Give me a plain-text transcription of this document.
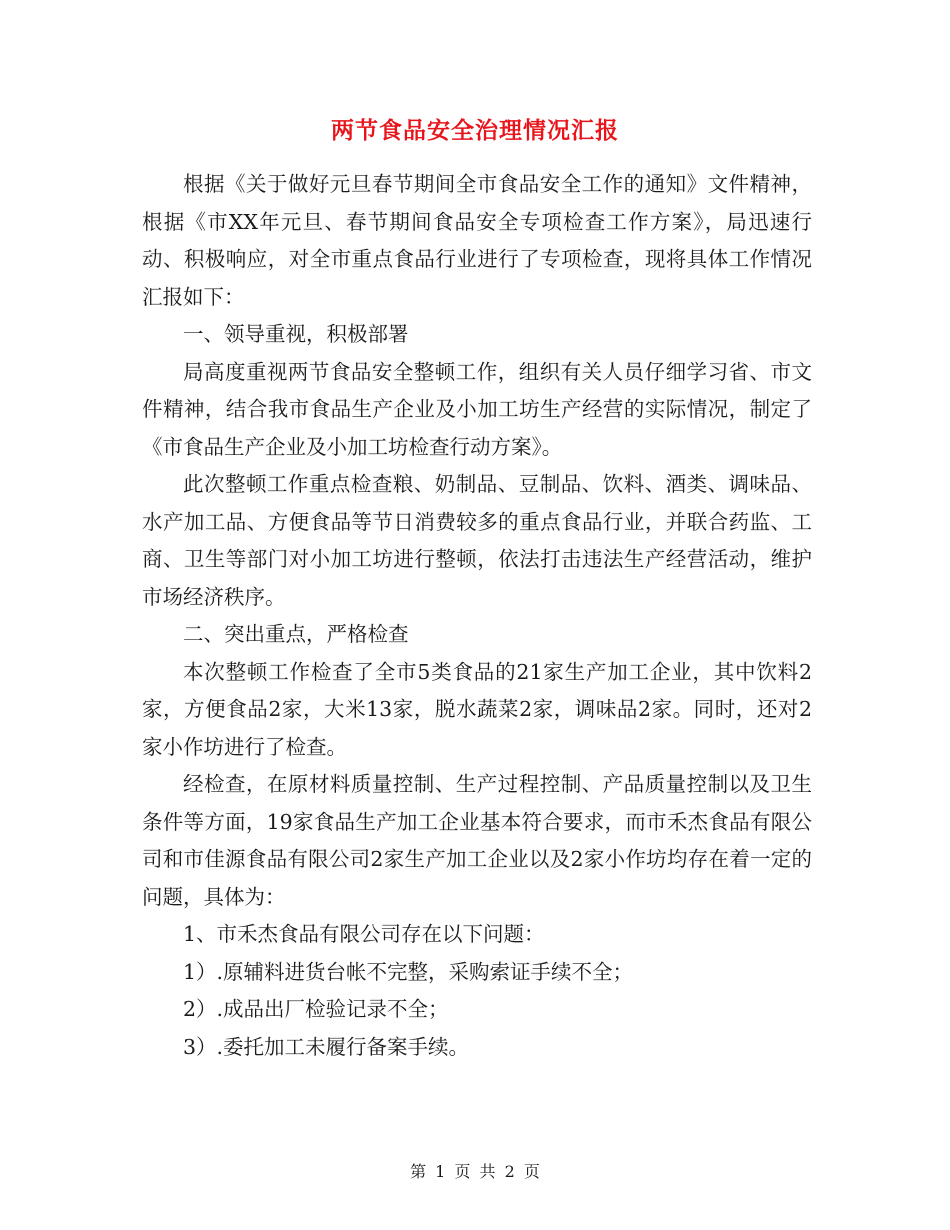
两节食品安全治理情况汇报

根据《关于做好元旦春节期间全市食品安全工作的通知》文件精神，根据《市XX年元旦、春节期间食品安全专项检查工作方案》，局迅速行动、积极响应，对全市重点食品行业进行了专项检查，现将具体工作情况汇报如下：

一、领导重视，积极部署

局高度重视两节食品安全整顿工作，组织有关人员仔细学习省、市文件精神，结合我市食品生产企业及小加工坊生产经营的实际情况，制定了《市食品生产企业及小加工坊检查行动方案》。

此次整顿工作重点检查粮、奶制品、豆制品、饮料、酒类、调味品、水产加工品、方便食品等节日消费较多的重点食品行业，并联合药监、工商、卫生等部门对小加工坊进行整顿，依法打击违法生产经营活动，维护市场经济秩序。

二、突出重点，严格检查

本次整顿工作检查了全市5类食品的21家生产加工企业，其中饮料2家，方便食品2家，大米13家，脱水蔬菜2家，调味品2家。同时，还对2家小作坊进行了检查。

经检查，在原材料质量控制、生产过程控制、产品质量控制以及卫生条件等方面，19家食品生产加工企业基本符合要求，而市禾杰食品有限公司和市佳源食品有限公司2家生产加工企业以及2家小作坊均存在着一定的问题，具体为：

1、市禾杰食品有限公司存在以下问题：

1）.原辅料进货台帐不完整，采购索证手续不全；

2）.成品出厂检验记录不全；

3）.委托加工未履行备案手续。

第 1 页 共 2 页
